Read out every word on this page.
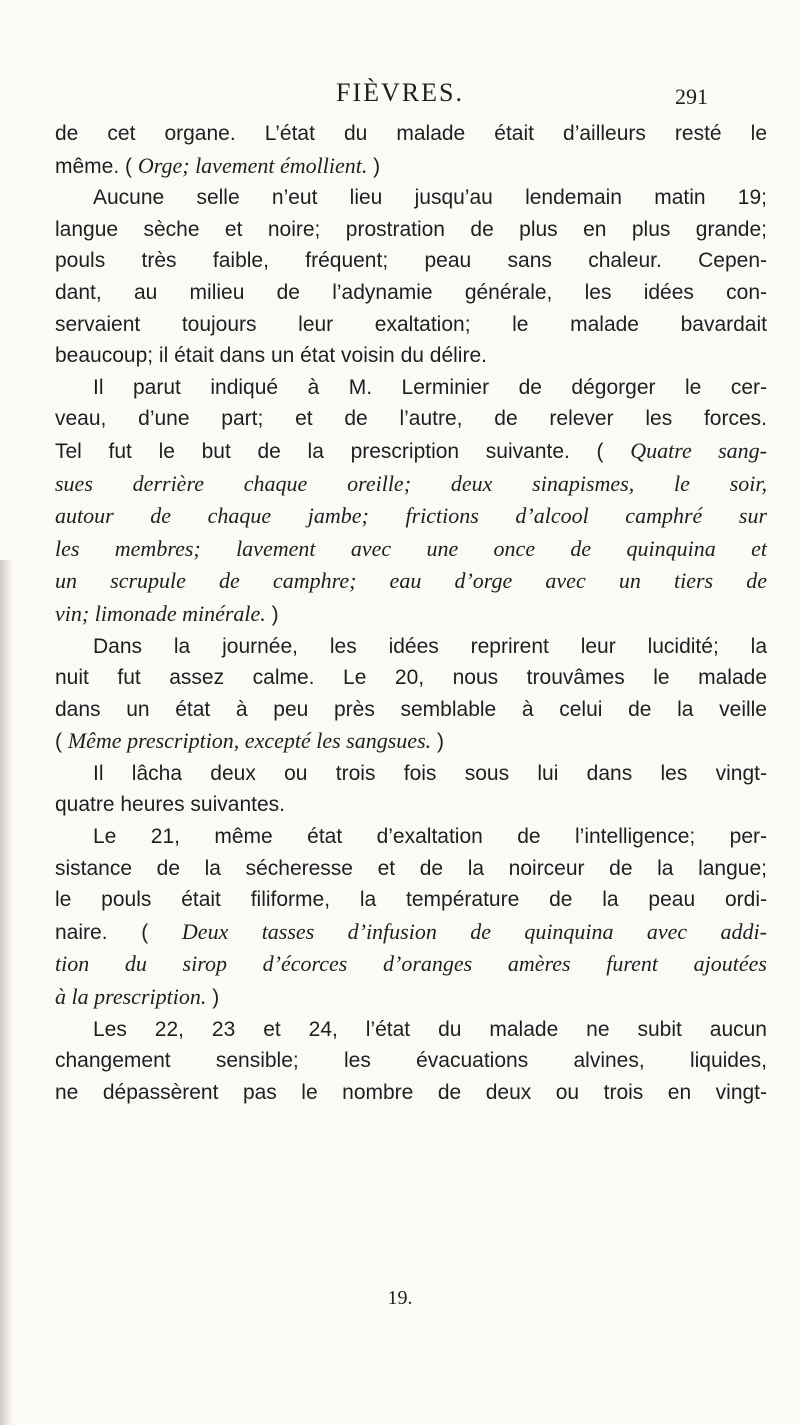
FIÈVRES.	291
de cet organe. L’état du malade était d’ailleurs resté le
même. ( Orge; lavement émollient. )
Aucune selle n’eut lieu jusqu’au lendemain matin 19;
langue sèche et noire; prostration de plus en plus grande;
pouls très faible, fréquent; peau sans chaleur. Cepen-
dant, au milieu de l’adynamie générale, les idées con-
servaient toujours leur exaltation; le malade bavardait
beaucoup; il était dans un état voisin du délire.
Il parut indiqué à M. Lerminier de dégorger le cer-
veau, d’une part; et de l’autre, de relever les forces.
Tel fut le but de la prescription suivante. ( Quatre sang-
sues derrière chaque oreille; deux sinapismes, le soir,
autour de chaque jambe; frictions d’alcool camphré sur
les membres; lavement avec une once de quinquina et
un scrupule de camphre; eau d’orge avec un tiers de
vin; limonade minérale. )
Dans la journée, les idées reprirent leur lucidité; la
nuit fut assez calme. Le 20, nous trouvâmes le malade
dans un état à peu près semblable à celui de la veille
( Même prescription, excepté les sangsues. )
Il lâcha deux ou trois fois sous lui dans les vingt-
quatre heures suivantes.
Le 21, même état d’exaltation de l’intelligence; per-
sistance de la sécheresse et de la noirceur de la langue;
le pouls était filiforme, la température de la peau ordi-
naire. ( Deux tasses d’infusion de quinquina avec addi-
tion du sirop d’écorces d’oranges amères furent ajoutées
à la prescription. )
Les 22, 23 et 24, l’état du malade ne subit aucun
changement sensible; les évacuations alvines, liquides,
ne dépassèrent pas le nombre de deux ou trois en vingt-
19.
